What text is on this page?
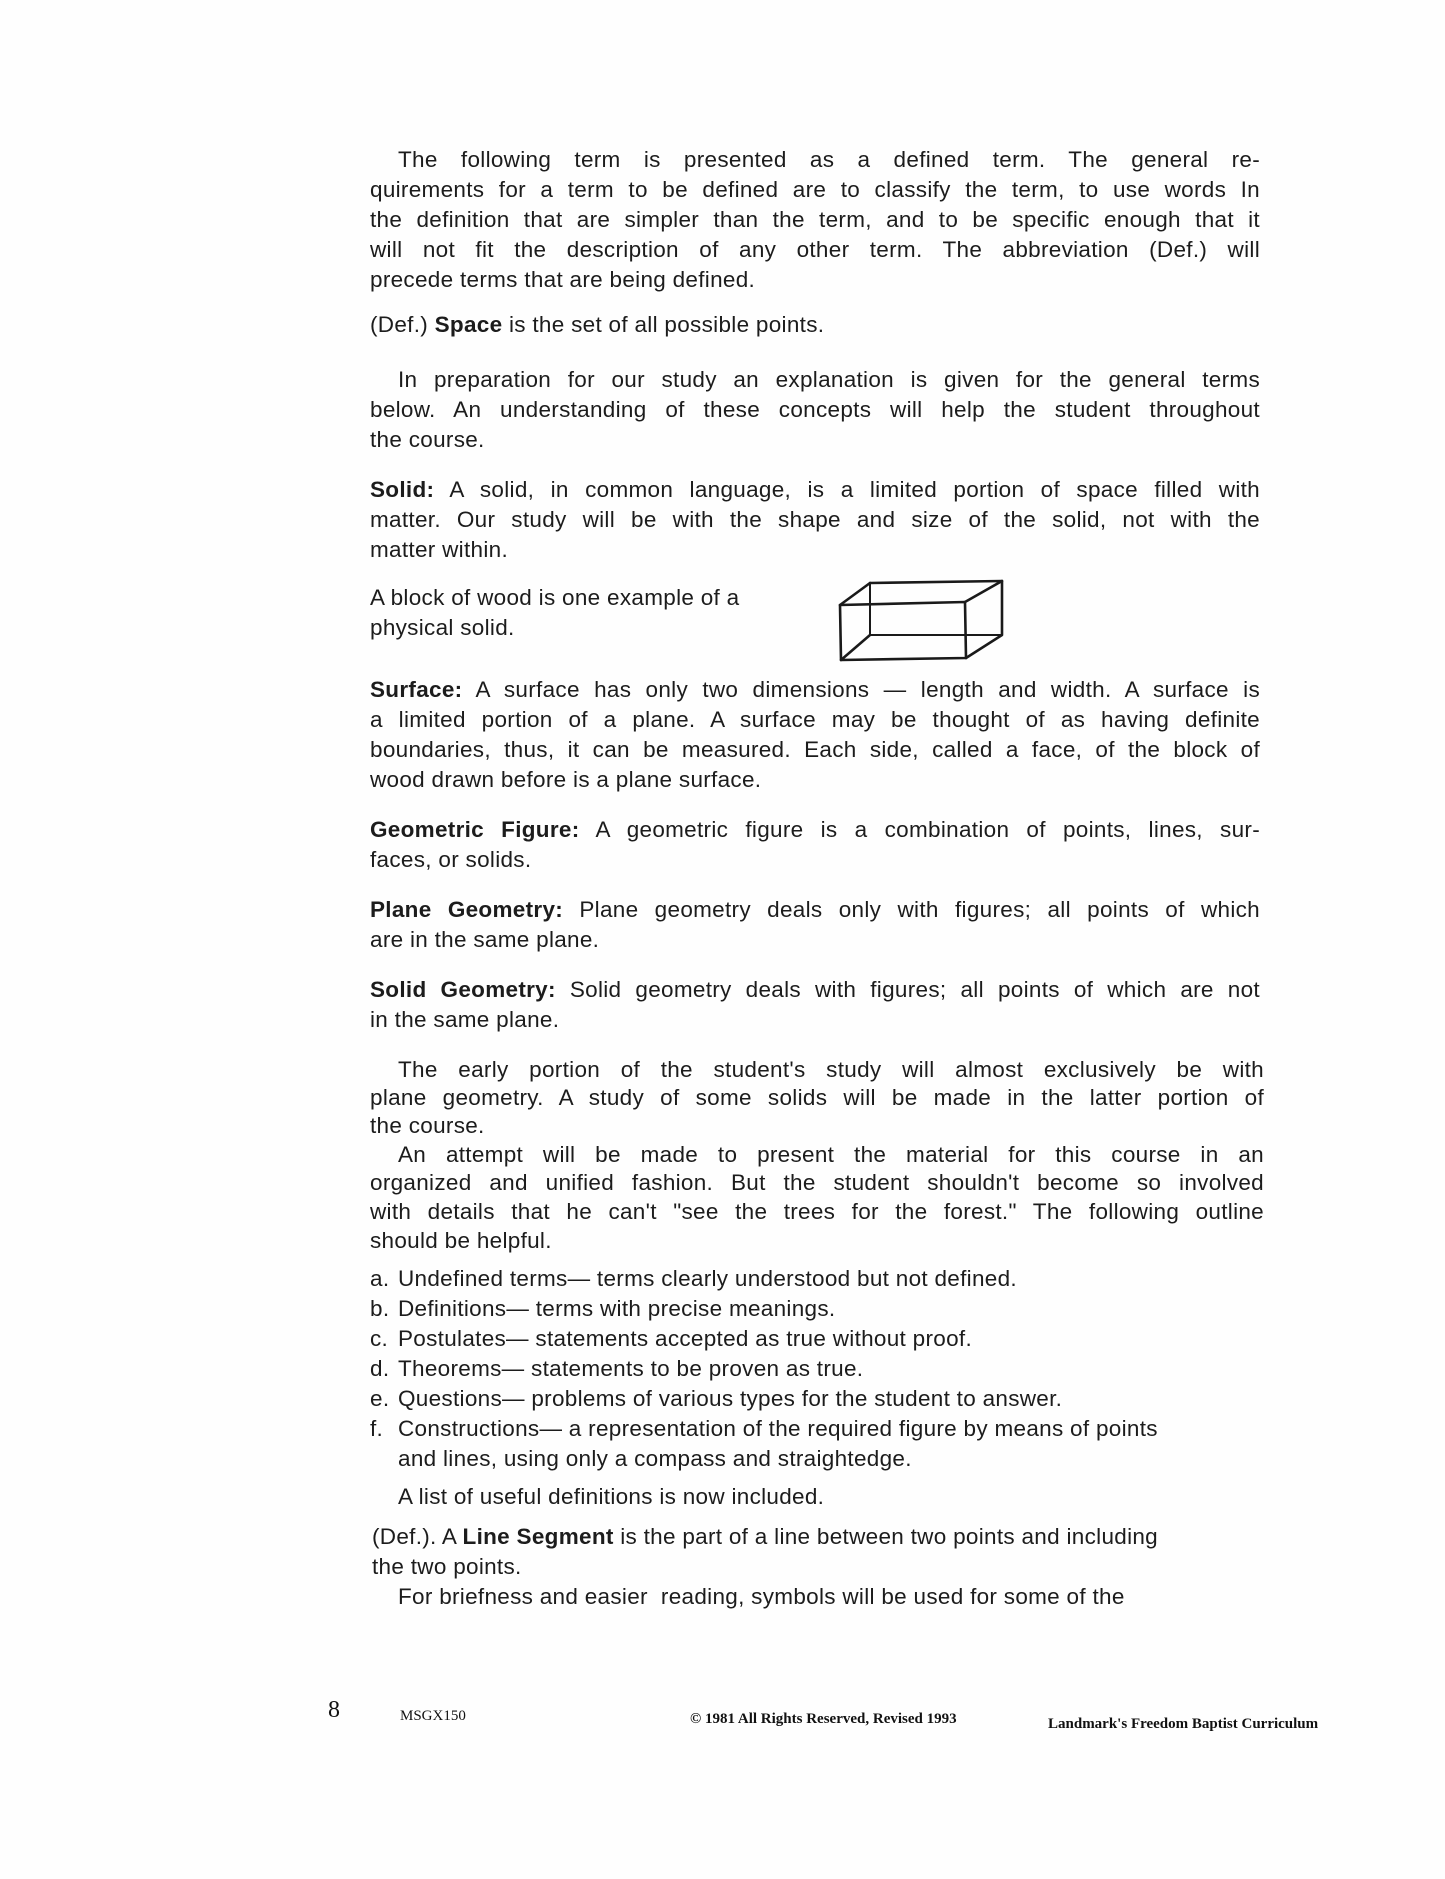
The following term is presented as a defined term. The general re-
quirements for a term to be defined are to classify the term, to use words In
the definition that are simpler than the term, and to be specific enough that it
will not fit the description of any other term. The abbreviation (Def.) will
precede terms that are being defined.
(Def.) Space is the set of all possible points.
In preparation for our study an explanation is given for the general terms
below. An understanding of these concepts will help the student throughout
the course.
Solid: A solid, in common language, is a limited portion of space filled with
matter. Our study will be with the shape and size of the solid, not with the
matter within.
A block of wood is one example of a
physical solid.
Surface: A surface has only two dimensions — length and width. A surface is
a limited portion of a plane. A surface may be thought of as having definite
boundaries, thus, it can be measured. Each side, called a face, of the block of
wood drawn before is a plane surface.
Geometric Figure: A geometric figure is a combination of points, lines, sur-
faces, or solids.
Plane Geometry: Plane geometry deals only with figures; all points of which
are in the same plane.
Solid Geometry: Solid geometry deals with figures; all points of which are not
in the same plane.
The early portion of the student's study will almost exclusively be with
plane geometry. A study of some solids will be made in the latter portion of
the course.
An attempt will be made to present the material for this course in an
organized and unified fashion. But the student shouldn't become so involved
with details that he can't "see the trees for the forest." The following outline
should be helpful.
a. Undefined terms— terms clearly understood but not defined.
b. Definitions— terms with precise meanings.
c. Postulates— statements accepted as true without proof.
d. Theorems— statements to be proven as true.
e. Questions— problems of various types for the student to answer.
f. Constructions— a representation of the required figure by means of points
and lines, using only a compass and straightedge.
A list of useful definitions is now included.
(Def.). A Line Segment is the part of a line between two points and including
the two points.
For briefness and easier  reading, symbols will be used for some of the
8	MSGX150	© 1981 All Rights Reserved, Revised 1993	Landmark's Freedom Baptist Curriculum
